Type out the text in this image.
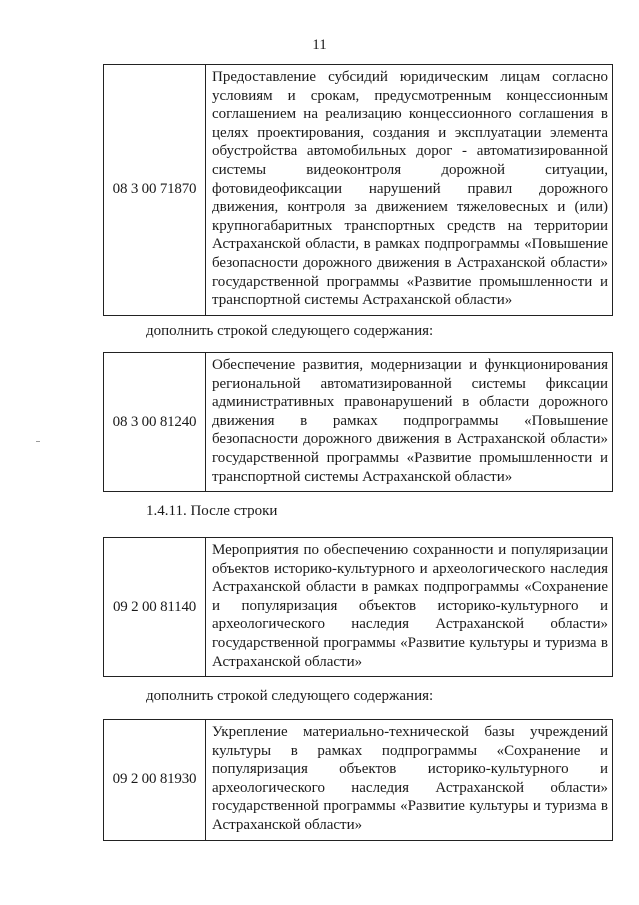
11
08 3 00 71870	Предоставление субсидий юридическим лицам согласно условиям и срокам, предусмотренным концессионным соглашением на реализацию концессионного соглашения в целях проектирования, создания и эксплуатации элемента обустройства автомобильных дорог - автоматизированной системы видеоконтроля дорожной ситуации, фотовидеофиксации нарушений правил дорожного движения, контроля за движением тяжеловесных и (или) крупногабаритных транспортных средств на территории Астраханской области, в рамках подпрограммы «Повышение безопасности дорожного движения в Астраханской области» государственной программы «Развитие промышленности и транспортной системы Астраханской области»
дополнить строкой следующего содержания:
08 3 00 81240	Обеспечение развития, модернизации и функционирования региональной автоматизированной системы фиксации административных правонарушений в области дорожного движения в рамках подпрограммы «Повышение безопасности дорожного движения в Астраханской области» государственной программы «Развитие промышленности и транспортной системы Астраханской области»
1.4.11. После строки
09 2 00 81140	Мероприятия по обеспечению сохранности и популяризации объектов историко-культурного и археологического наследия Астраханской области в рамках подпрограммы «Сохранение и популяризация объектов историко-культурного и археологического наследия Астраханской области» государственной программы «Развитие культуры и туризма в Астраханской области»
дополнить строкой следующего содержания:
09 2 00 81930	Укрепление материально-технической базы учреждений культуры в рамках подпрограммы «Сохранение и популяризация объектов историко-культурного и археологического наследия Астраханской области» государственной программы «Развитие культуры и туризма в Астраханской области»
